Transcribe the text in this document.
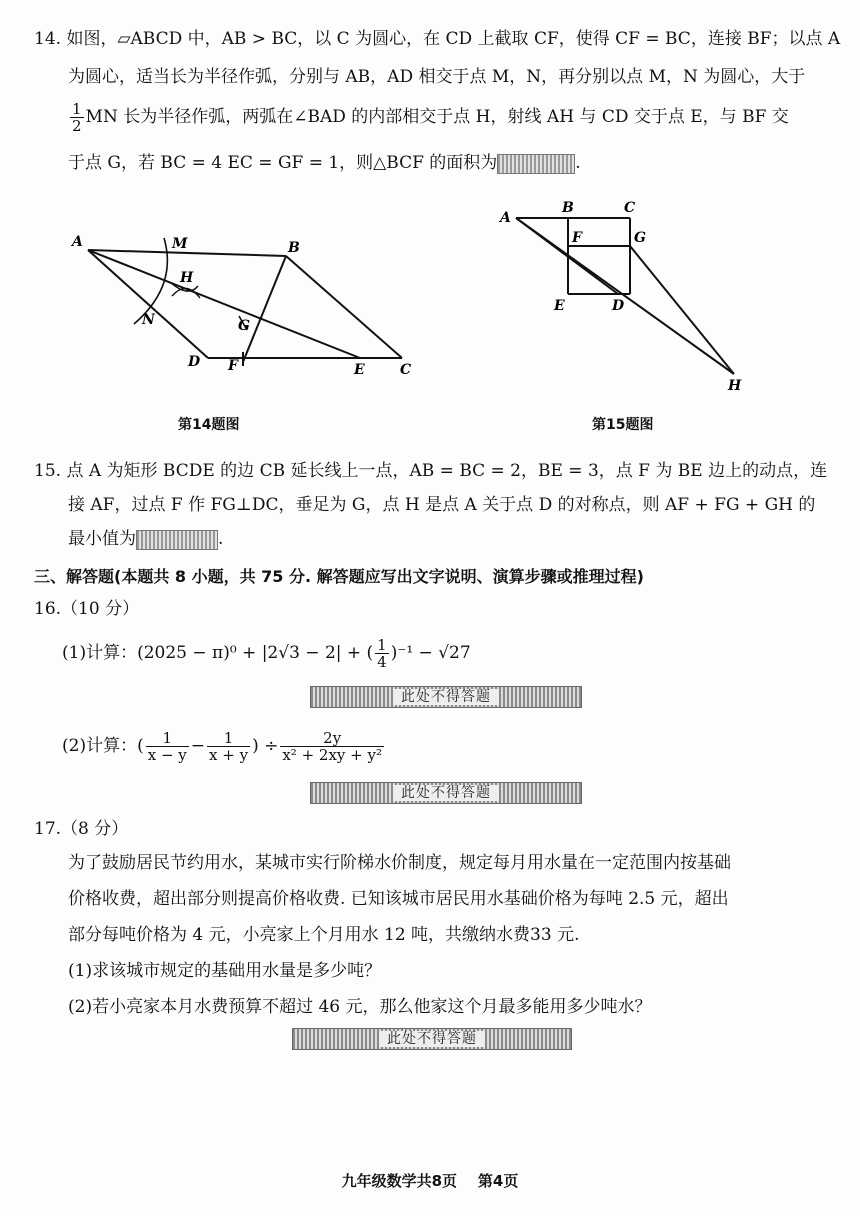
14. 如图，▱ABCD 中，AB > BC，以 C 为圆心，在 CD 上截取 CF，使得 CF = BC，连接 BF；以点 A
为圆心，适当长为半径作弧，分别与 AB，AD 相交于点 M，N，再分别以点 M，N 为圆心，大于
$\frac{1}{2}$ MN 长为半径作弧，两弧在∠BAD 的内部相交于点 H，射线 AH 与 CD 交于点 E，与 BF 交
于点 G，若 BC = 4 EC = GF = 1，则△BCF 的面积为	.
A	M
H
B
N	G
D F	E	C
第14题图
A
B	C
F	G
E	D
H
第15题图
15. 点 A 为矩形 BCDE 的边 CB 延长线上一点，AB = BC = 2，BE = 3，点 F 为 BE 边上的动点，连
接 AF，过点 F 作 FG⊥DC，垂足为 G，点 H 是点 A 关于点 D 的对称点，则 AF + FG + GH 的
最小值为	.
三、解答题(本题共 8 小题，共 75 分. 解答题应写出文字说明、演算步骤或推理过程)
16.（10 分）
(1)计算：(2025 − π)⁰ + |2√3 − 2| + ( $\frac{1}{4} )^{-1} - √27$
此处不得答题
(2)计算：( $\frac{1}{x - y} - \frac{1}{x + y}$ ) ÷ $\frac{2y}{\text{x² + 2xy + y²}}$
此处不得答题
17.（8 分）
为了鼓励居民节约用水，某城市实行阶梯水价制度，规定每月用水量在一定范围内按基础
价格收费，超出部分则提高价格收费. 已知该城市居民用水基础价格为每吨 2.5 元，超出
部分每吨价格为 4 元，小亮家上个月用水 12 吨，共缴纳水费33 元.
(1)求该城市规定的基础用水量是多少吨？
(2)若小亮家本月水费预算不超过 46 元，那么他家这个月最多能用多少吨水？
此处不得答题
九年级数学共8页    第4页
